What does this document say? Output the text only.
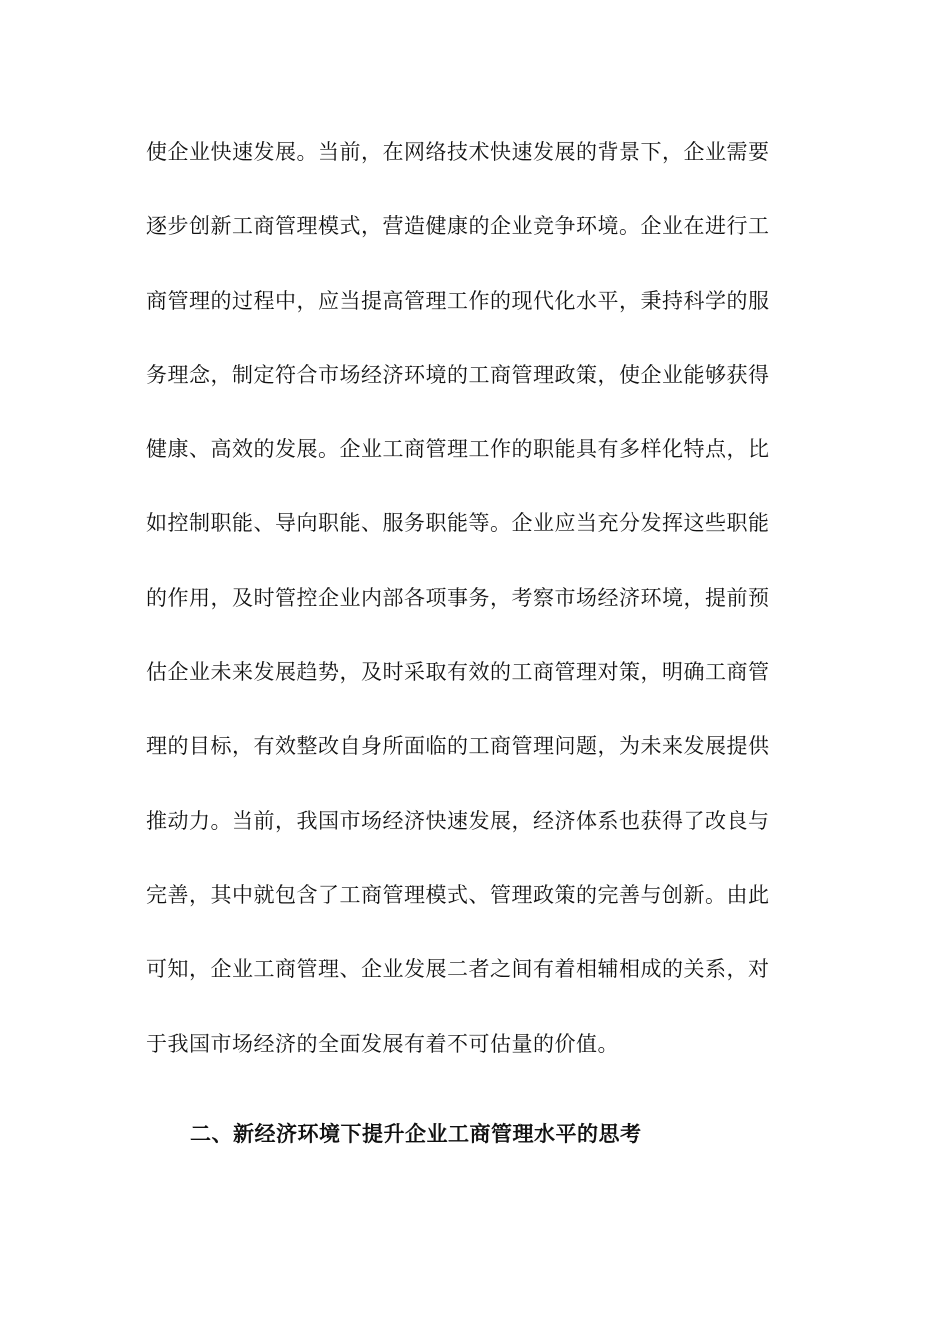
使企业快速发展。当前，在网络技术快速发展的背景下，企业需要
逐步创新工商管理模式，营造健康的企业竞争环境。企业在进行工
商管理的过程中，应当提高管理工作的现代化水平，秉持科学的服
务理念，制定符合市场经济环境的工商管理政策，使企业能够获得
健康、高效的发展。企业工商管理工作的职能具有多样化特点，比
如控制职能、导向职能、服务职能等。企业应当充分发挥这些职能
的作用，及时管控企业内部各项事务，考察市场经济环境，提前预
估企业未来发展趋势，及时采取有效的工商管理对策，明确工商管
理的目标，有效整改自身所面临的工商管理问题，为未来发展提供
推动力。当前，我国市场经济快速发展，经济体系也获得了改良与
完善，其中就包含了工商管理模式、管理政策的完善与创新。由此
可知，企业工商管理、企业发展二者之间有着相辅相成的关系，对
于我国市场经济的全面发展有着不可估量的价值。
二、新经济环境下提升企业工商管理水平的思考
